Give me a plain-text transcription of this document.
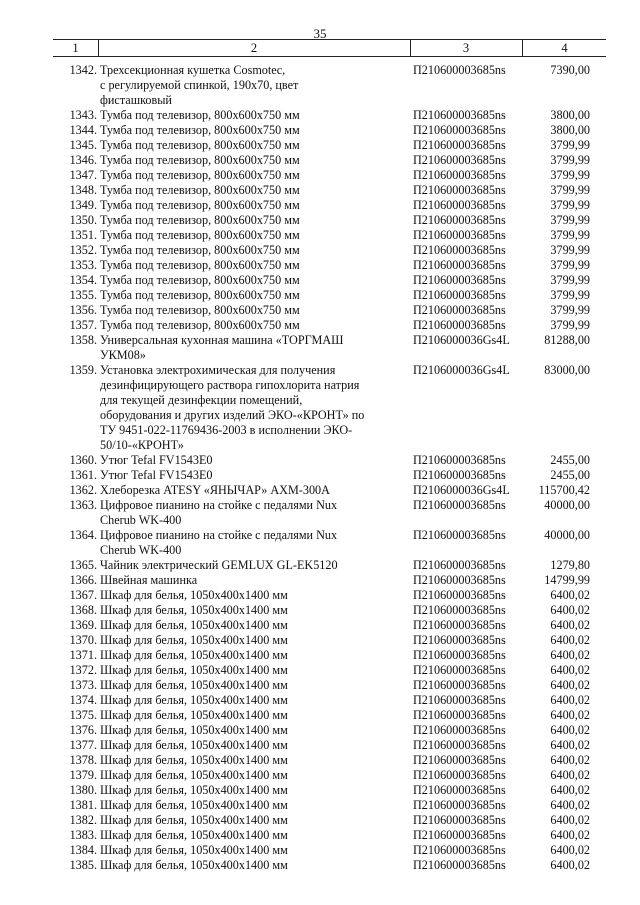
35
1	2	3	4
1342. Трехсекционная кушетка Cosmotec,
с регулируемой спинкой, 190х70, цвет
фисташковый
П210600003685ns	7390,00
1343. Тумба под телевизор, 800х600х750 мм	П210600003685ns	3800,00
1344. Тумба под телевизор, 800х600х750 мм	П210600003685ns	3800,00
1345. Тумба под телевизор, 800х600х750 мм	П210600003685ns	3799,99
1346. Тумба под телевизор, 800х600х750 мм	П210600003685ns	3799,99
1347. Тумба под телевизор, 800х600х750 мм	П210600003685ns	3799,99
1348. Тумба под телевизор, 800х600х750 мм	П210600003685ns	3799,99
1349. Тумба под телевизор, 800х600х750 мм	П210600003685ns	3799,99
1350. Тумба под телевизор, 800х600х750 мм	П210600003685ns	3799,99
1351. Тумба под телевизор, 800х600х750 мм	П210600003685ns	3799,99
1352. Тумба под телевизор, 800х600х750 мм	П210600003685ns	3799,99
1353. Тумба под телевизор, 800х600х750 мм	П210600003685ns	3799,99
1354. Тумба под телевизор, 800х600х750 мм	П210600003685ns	3799,99
1355. Тумба под телевизор, 800х600х750 мм	П210600003685ns	3799,99
1356. Тумба под телевизор, 800х600х750 мм	П210600003685ns	3799,99
1357. Тумба под телевизор, 800х600х750 мм	П210600003685ns	3799,99
1358. Универсальная кухонная машина «ТОРГМАШ
УКМ08»
П2106000036Gs4L	81288,00
1359. Установка электрохимическая для получения
дезинфицирующего раствора гипохлорита натрия
для текущей дезинфекции помещений,
оборудования и других изделий ЭКО-«КРОНТ» по
ТУ 9451-022-11769436-2003 в исполнении ЭКО-
50/10-«КРОНТ»
П2106000036Gs4L	83000,00
1360. Утюг Tefal FV1543E0	П210600003685ns	2455,00
1361. Утюг Tefal FV1543E0	П210600003685ns	2455,00
1362. Хлеборезка ATESY «ЯНЫЧАР» АХМ-300А	П2106000036Gs4L	115700,42
1363. Цифровое пианино на стойке с педалями Nux
Cherub WK-400
П210600003685ns	40000,00
1364. Цифровое пианино на стойке с педалями Nux
Cherub WK-400
П210600003685ns	40000,00
1365. Чайник электрический GEMLUX GL-EK5120	П210600003685ns	1279,80
1366. Швейная машинка	П210600003685ns	14799,99
1367. Шкаф для белья, 1050х400х1400 мм	П210600003685ns	6400,02
1368. Шкаф для белья, 1050х400х1400 мм	П210600003685ns	6400,02
1369. Шкаф для белья, 1050х400х1400 мм	П210600003685ns	6400,02
1370. Шкаф для белья, 1050х400х1400 мм	П210600003685ns	6400,02
1371. Шкаф для белья, 1050х400х1400 мм	П210600003685ns	6400,02
1372. Шкаф для белья, 1050х400х1400 мм	П210600003685ns	6400,02
1373. Шкаф для белья, 1050х400х1400 мм	П210600003685ns	6400,02
1374. Шкаф для белья, 1050х400х1400 мм	П210600003685ns	6400,02
1375. Шкаф для белья, 1050х400х1400 мм	П210600003685ns	6400,02
1376. Шкаф для белья, 1050х400х1400 мм	П210600003685ns	6400,02
1377. Шкаф для белья, 1050х400х1400 мм	П210600003685ns	6400,02
1378. Шкаф для белья, 1050х400х1400 мм	П210600003685ns	6400,02
1379. Шкаф для белья, 1050х400х1400 мм	П210600003685ns	6400,02
1380. Шкаф для белья, 1050х400х1400 мм	П210600003685ns	6400,02
1381. Шкаф для белья, 1050х400х1400 мм	П210600003685ns	6400,02
1382. Шкаф для белья, 1050х400х1400 мм	П210600003685ns	6400,02
1383. Шкаф для белья, 1050х400х1400 мм	П210600003685ns	6400,02
1384. Шкаф для белья, 1050х400х1400 мм	П210600003685ns	6400,02
1385. Шкаф для белья, 1050х400х1400 мм	П210600003685ns	6400,02
